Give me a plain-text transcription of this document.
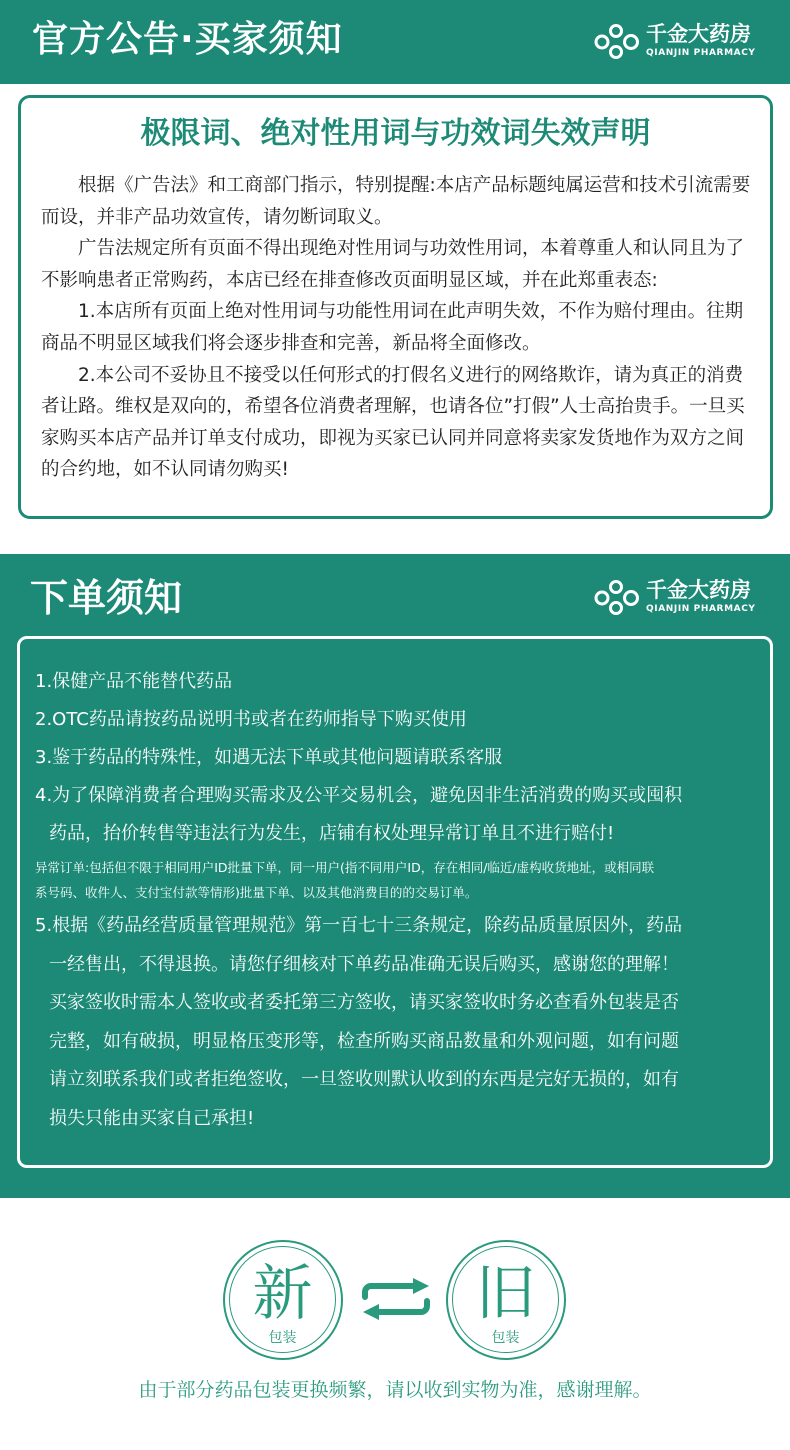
官方公告·买家须知	千金大药房
QIANJIN PHARMACY
极限词、绝对性用词与功效词失效声明

根据《广告法》和工商部门指示，特别提醒:本店产品标题纯属运营和技术引流需要而设，并非产品功效宣传，请勿断词取义。

广告法规定所有页面不得出现绝对性用词与功效性用词，本着尊重人和认同且为了不影响患者正常购药，本店已经在排查修改页面明显区域，并在此郑重表态:

1.本店所有页面上绝对性用词与功能性用词在此声明失效，不作为赔付理由。往期商品不明显区域我们将会逐步排查和完善，新品将全面修改。

2.本公司不妥协且不接受以任何形式的打假名义进行的网络欺诈，请为真正的消费者让路。维权是双向的，希望各位消费者理解，也请各位”打假”人士高抬贵手。一旦买家购买本店产品并订单支付成功，即视为买家已认同并同意将卖家发货地作为双方之间的合约地，如不认同请勿购买!

下单须知	千金大药房
QIANJIN PHARMACY
1.保健产品不能替代药品
2.OTC药品请按药品说明书或者在药师指导下购买使用
3.鉴于药品的特殊性，如遇无法下单或其他问题请联系客服
4.为了保障消费者合理购买需求及公平交易机会，避免因非生活消费的购买或囤积
药品，抬价转售等违法行为发生，店铺有权处理异常订单且不进行赔付!
异常订单:包括但不限于相同用户ID批量下单，同一用户(指不同用户ID，存在相同/临近/虚构收货地址，或相同联
系号码、收件人、支付宝付款等情形)批量下单、以及其他消费目的的交易订单。
5.根据《药品经营质量管理规范》第一百七十三条规定，除药品质量原因外，药品
一经售出，不得退换。请您仔细核对下单药品准确无误后购买，感谢您的理解！
买家签收时需本人签收或者委托第三方签收，请买家签收时务必查看外包装是否
完整，如有破损，明显格压变形等，检查所购买商品数量和外观问题，如有问题
请立刻联系我们或者拒绝签收，一旦签收则默认收到的东西是完好无损的，如有
损失只能由买家自己承担!
新
包装
旧
包装
由于部分药品包装更换频繁，请以收到实物为准，感谢理解。
